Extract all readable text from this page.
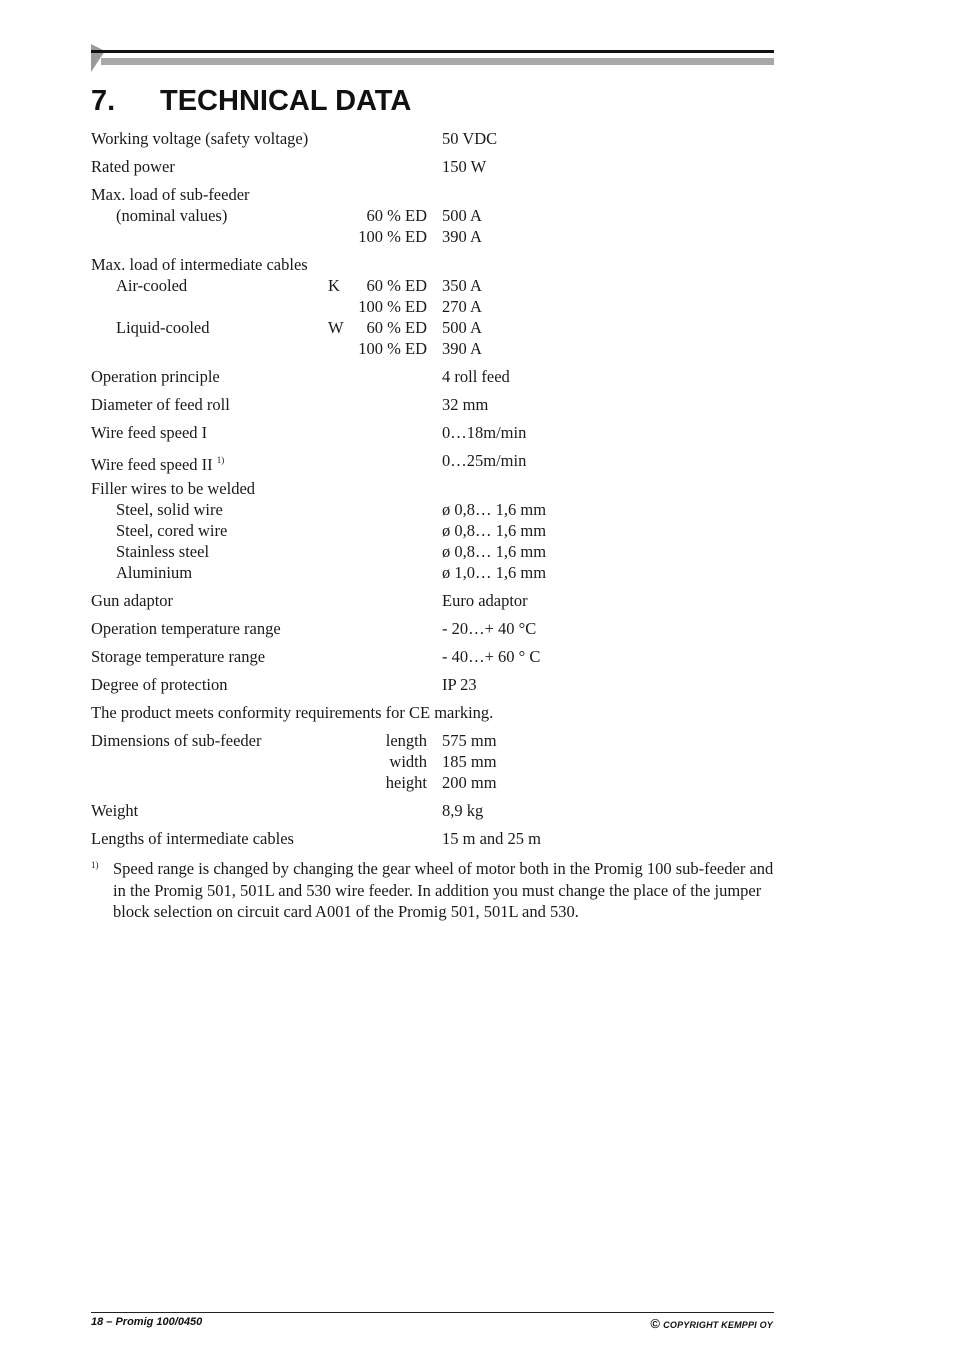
7. TECHNICAL DATA
Working voltage (safety voltage)	50 VDC
Rated power	150 W
Max. load of sub-feeder
(nominal values)	60 % ED 500 A
100 % ED 390 A
Max. load of intermediate cables
Air-cooled	K 60 % ED 350 A
100 % ED 270 A
Liquid-cooled	W 60 % ED 500 A
100 % ED 390 A
Operation principle	4 roll feed
Diameter of feed roll	32 mm
Wire feed speed I	0…18m/min
Wire feed speed II $^{1)}$	0…25m/min
Filler wires to be welded
Steel, solid wire	ø 0,8… 1,6 mm
Steel, cored wire	ø 0,8… 1,6 mm
Stainless steel	ø 0,8… 1,6 mm
Aluminium	ø 1,0… 1,6 mm
Gun adaptor	Euro adaptor
Operation temperature range	- 20…+ 40 °C
Storage temperature range	- 40…+ 60 ° C
Degree of protection	IP 23
The product meets conformity requirements for CE marking.
Dimensions of sub-feeder	length 575 mm
width 185 mm
height 200 mm
Weight	8,9 kg
Lengths of intermediate cables	15 m and 25 m
1) Speed range is changed by changing the gear wheel of motor both in the Promig 100 sub-feeder and in the Promig 501, 501L and 530 wire feeder. In addition you must change the place of the jumper block selection on circuit card A001 of the Promig 501, 501L and 530.
18 – Promig 100/0450	© COPYRIGHT KEMPPI OY
